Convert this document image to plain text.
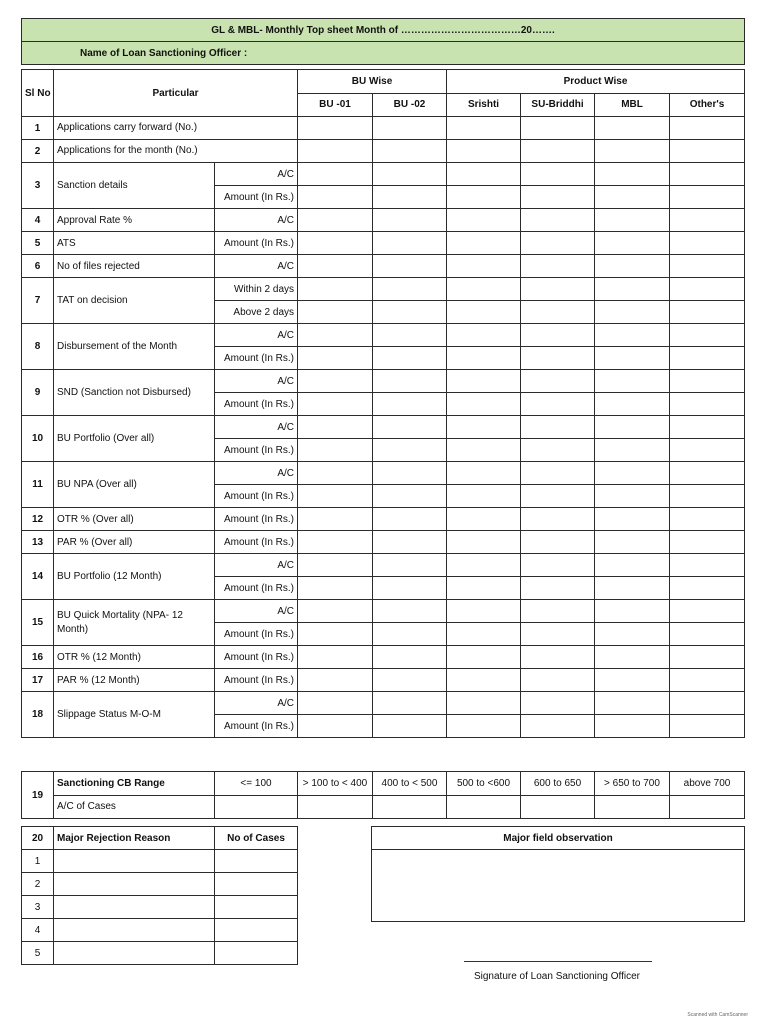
GL & MBL- Monthly Top sheet Month of ………………………………20…….
Name of Loan Sanctioning Officer :
Sl No	Particular		BU Wise		Product Wise			
			BU -01	BU -02	Srishti	SU-Briddhi	MBL	Other's
1	Applications carry forward (No.)							
2	Applications for the month (No.)							
3	Sanction details	A/C						
		Amount (In Rs.)						
4	Approval Rate %	A/C						
5	ATS	Amount (In Rs.)						
6	No of files rejected	A/C						
7	TAT on decision	Within 2 days						
		Above 2 days						
8	Disbursement of the Month	A/C						
		Amount (In Rs.)						
9	SND (Sanction not Disbursed)	A/C						
		Amount (In Rs.)						
10	BU Portfolio (Over all)	A/C						
		Amount (In Rs.)						
11	BU NPA (Over all)	A/C						
		Amount (In Rs.)						
12	OTR % (Over all)	Amount (In Rs.)						
13	PAR % (Over all)	Amount (In Rs.)						
14	BU Portfolio (12 Month)	A/C						
		Amount (In Rs.)						
15	BU Quick Mortality (NPA- 12 Month)	A/C						
		Amount (In Rs.)						
16	OTR % (12 Month)	Amount (In Rs.)						
17	PAR % (12 Month)	Amount (In Rs.)						
18	Slippage Status M-O-M	A/C						
		Amount (In Rs.)						
19	Sanctioning CB Range	<= 100	> 100 to < 400	400 to < 500	500 to <600	600 to 650	> 650 to 700	above 700
	A/C of Cases							
20	Major Rejection Reason	No of Cases
1		
2		
3		
4		
5		
Major field observation

Signature of Loan Sanctioning Officer
Scanned with CamScanner
